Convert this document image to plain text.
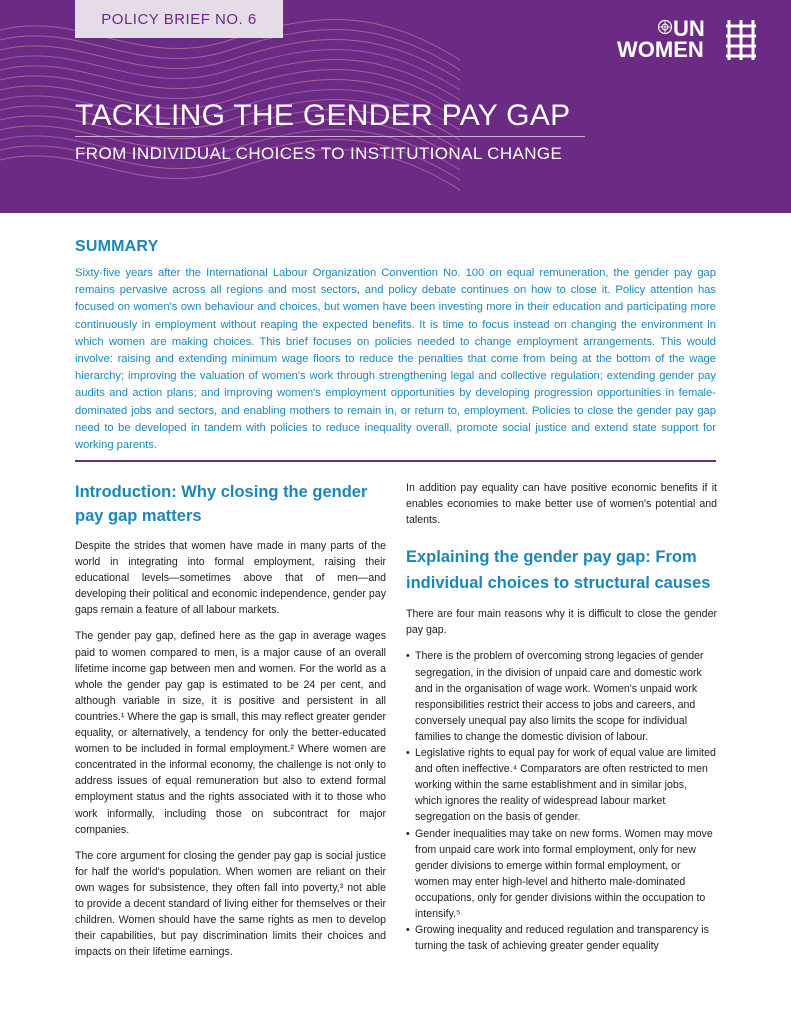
POLICY BRIEF NO. 6	UN
WOMEN
TACKLING THE GENDER PAY GAP
FROM INDIVIDUAL CHOICES TO INSTITUTIONAL CHANGE
SUMMARY

Sixty-five years after the International Labour Organization Convention No. 100 on equal remuneration, the gender pay gap remains pervasive across all regions and most sectors, and policy debate continues on how to close it. Policy attention has focused on women's own behaviour and choices, but women have been investing more in their education and participating more continuously in employment without reaping the expected benefits. It is time to focus instead on changing the environment in which women are making choices. This brief focuses on policies needed to change employment arrangements. This would involve: raising and extending minimum wage floors to reduce the penalties that come from being at the bottom of the wage hierarchy; improving the valuation of women's work through strengthening legal and collective regulation; extending gender pay audits and action plans; and improving women's employment opportunities by developing progression opportunities in female-dominated jobs and sectors, and enabling mothers to remain in, or return to, employment. Policies to close the gender pay gap need to be developed in tandem with policies to reduce inequality overall, promote social justice and extend state support for working parents.

Introduction: Why closing the gender pay gap matters

Despite the strides that women have made in many parts of the world in integrating into formal employment, raising their educational levels—sometimes above that of men—and developing their political and economic independence, gender pay gaps remain a feature of all labour markets.

The gender pay gap, defined here as the gap in average wages paid to women compared to men, is a major cause of an overall lifetime income gap between men and women. For the world as a whole the gender pay gap is estimated to be 24 per cent, and although variable in size, it is positive and persistent in all countries.¹ Where the gap is small, this may reflect greater gender equality, or alternatively, a tendency for only the better-educated women to be included in formal employment.² Where women are concentrated in the informal economy, the challenge is not only to address issues of equal remuneration but also to extend formal employment status and the rights associated with it to those who work informally, including those on subcontract for major companies.

The core argument for closing the gender pay gap is social justice for half the world's population. When women are reliant on their own wages for subsistence, they often fall into poverty,³ not able to provide a decent standard of living either for themselves or their children. Women should have the same rights as men to develop their capabilities, but pay discrimination limits their choices and impacts on their lifetime earnings.

In addition pay equality can have positive economic benefits if it enables economies to make better use of women's potential and talents.

Explaining the gender pay gap: From individual choices to structural causes

There are four main reasons why it is difficult to close the gender pay gap.

• There is the problem of overcoming strong legacies of gender segregation, in the division of unpaid care and domestic work and in the organisation of wage work. Women's unpaid work responsibilities restrict their access to jobs and careers, and conversely unequal pay also limits the scope for individual families to change the domestic division of labour.
• Legislative rights to equal pay for work of equal value are limited and often ineffective.⁴ Comparators are often restricted to men working within the same establishment and in similar jobs, which ignores the reality of widespread labour market segregation on the basis of gender.
• Gender inequalities may take on new forms. Women may move from unpaid care work into formal employment, only for new gender divisions to emerge within formal employment, or women may enter high-level and hitherto male-dominated occupations, only for gender divisions within the occupation to intensify.⁵
• Growing inequality and reduced regulation and transparency is turning the task of achieving greater gender equality
